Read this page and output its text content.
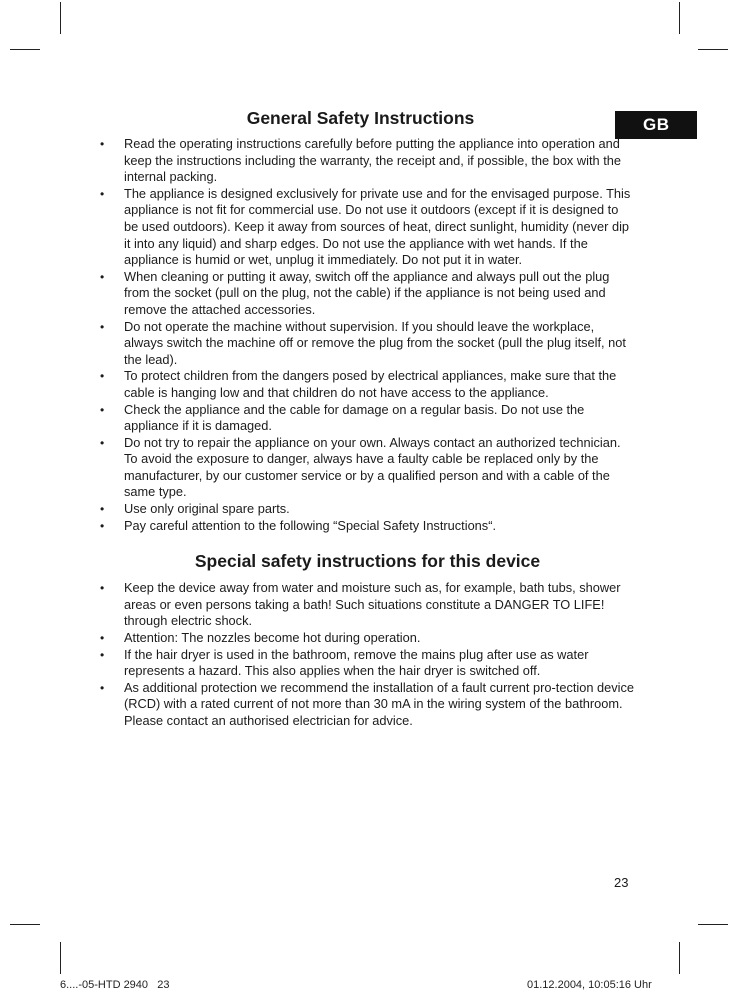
GB
General Safety Instructions
• Read the operating instructions carefully before putting the appliance into operation and keep the instructions including the warranty, the receipt and, if possible, the box with the internal packing.
• The appliance is designed exclusively for private use and for the envisaged purpose. This appliance is not fit for commercial use. Do not use it outdoors (except if it is designed to be used outdoors). Keep it away from sources of heat, direct sunlight, humidity (never dip it into any liquid) and sharp edges. Do not use the appliance with wet hands. If the appliance is humid or wet, unplug it immediately. Do not put it in water.
• When cleaning or putting it away, switch off the appliance and always pull out the plug from the socket (pull on the plug, not the cable) if the appliance is not being used and remove the attached accessories.
• Do not operate the machine without supervision. If you should leave the workplace, always switch the machine off or remove the plug from the socket (pull the plug itself, not the lead).
• To protect children from the dangers posed by electrical appliances, make sure that the cable is hanging low and that children do not have access to the appliance.
• Check the appliance and the cable for damage on a regular basis. Do not use the appliance if it is damaged.
• Do not try to repair the appliance on your own. Always contact an authorized technician. To avoid the exposure to danger, always have a faulty cable be replaced only by the manufacturer, by our customer service or by a qualified person and with a cable of the same type.
• Use only original spare parts.
• Pay careful attention to the following “Special Safety Instructions“.
Special safety instructions for this device
• Keep the device away from water and moisture such as, for example, bath tubs, shower areas or even persons taking a bath! Such situations constitute a DANGER TO LIFE! through electric shock.
• Attention: The nozzles become hot during operation.
• If the hair dryer is used in the bathroom, remove the mains plug after use as water represents a hazard. This also applies when the hair dryer is switched off.
• As additional protection we recommend the installation of a fault current pro-tection device (RCD) with a rated current of not more than 30 mA in the wiring system of the bathroom. Please contact an authorised electrician for advice.
23
6....-05-HTD 2940   23	01.12.2004, 10:05:16 Uhr
